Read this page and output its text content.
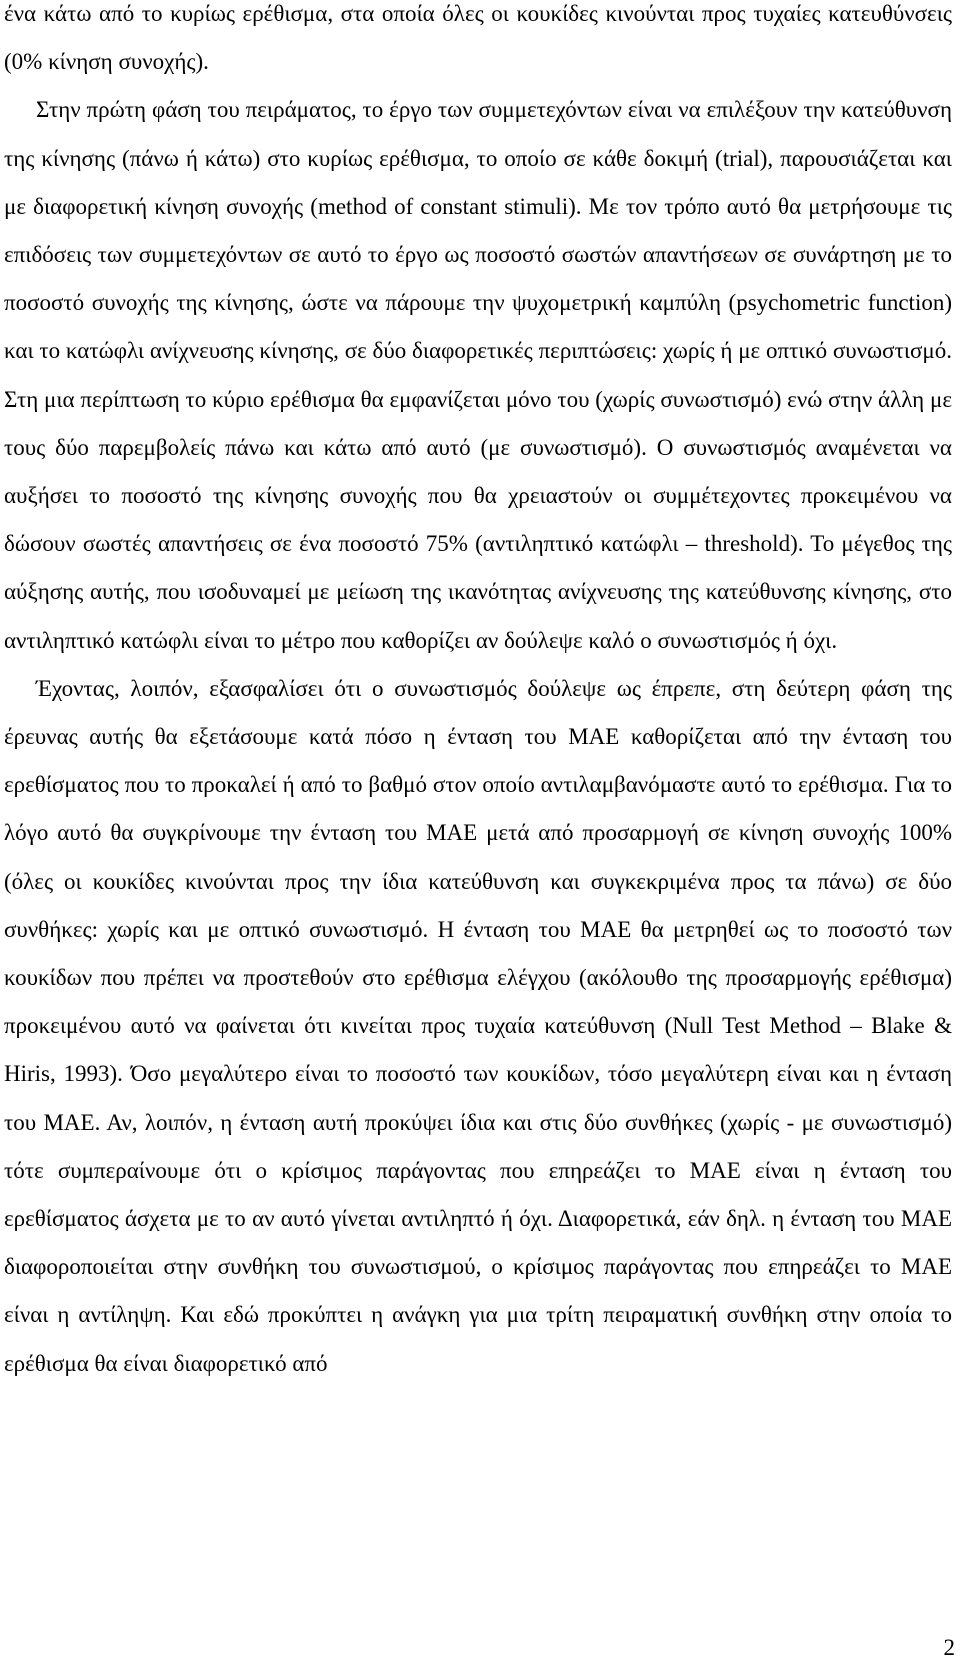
ένα κάτω από το κυρίως ερέθισμα, στα οποία όλες οι κουκίδες κινούνται προς τυχαίες κατευθύνσεις (0% κίνηση συνοχής).

Στην πρώτη φάση του πειράματος, το έργο των συμμετεχόντων είναι να επιλέξουν την κατεύθυνση της κίνησης (πάνω ή κάτω) στο κυρίως ερέθισμα, το οποίο σε κάθε δοκιμή (trial), παρουσιάζεται και με διαφορετική κίνηση συνοχής (method of constant stimuli). Με τον τρόπο αυτό θα μετρήσουμε τις επιδόσεις των συμμετεχόντων σε αυτό το έργο ως ποσοστό σωστών απαντήσεων σε συνάρτηση με το ποσοστό συνοχής της κίνησης, ώστε να πάρουμε την ψυχομετρική καμπύλη (psychometric function) και το κατώφλι ανίχνευσης κίνησης, σε δύο διαφορετικές περιπτώσεις: χωρίς ή με οπτικό συνωστισμό. Στη μια περίπτωση το κύριο ερέθισμα θα εμφανίζεται μόνο του (χωρίς συνωστισμό) ενώ στην άλλη με τους δύο παρεμβολείς πάνω και κάτω από αυτό (με συνωστισμό). Ο συνωστισμός αναμένεται να αυξήσει το ποσοστό της κίνησης συνοχής που θα χρειαστούν οι συμμέτεχοντες προκειμένου να δώσουν σωστές απαντήσεις σε ένα ποσοστό 75% (αντιληπτικό κατώφλι – threshold). Το μέγεθος της αύξησης αυτής, που ισοδυναμεί με μείωση της ικανότητας ανίχνευσης της κατεύθυνσης κίνησης, στο αντιληπτικό κατώφλι είναι το μέτρο που καθορίζει αν δούλεψε καλό ο συνωστισμός ή όχι.

Έχοντας, λοιπόν, εξασφαλίσει ότι ο συνωστισμός δούλεψε ως έπρεπε, στη δεύτερη φάση της έρευνας αυτής θα εξετάσουμε κατά πόσο η ένταση του ΜΑΕ καθορίζεται από την ένταση του ερεθίσματος που το προκαλεί ή από το βαθμό στον οποίο αντιλαμβανόμαστε αυτό το ερέθισμα. Για το λόγο αυτό θα συγκρίνουμε την ένταση του ΜΑΕ μετά από προσαρμογή σε κίνηση συνοχής 100% (όλες οι κουκίδες κινούνται προς την ίδια κατεύθυνση και συγκεκριμένα προς τα πάνω) σε δύο συνθήκες: χωρίς και με οπτικό συνωστισμό. Η ένταση του ΜΑΕ θα μετρηθεί ως το ποσοστό των κουκίδων που πρέπει να προστεθούν στο ερέθισμα ελέγχου (ακόλουθο της προσαρμογής ερέθισμα) προκειμένου αυτό να φαίνεται ότι κινείται προς τυχαία κατεύθυνση (Null Test Method – Blake & Hiris, 1993). Όσο μεγαλύτερο είναι το ποσοστό των κουκίδων, τόσο μεγαλύτερη είναι και η ένταση του ΜΑΕ. Αν, λοιπόν, η ένταση αυτή προκύψει ίδια και στις δύο συνθήκες (χωρίς - με συνωστισμό) τότε συμπεραίνουμε ότι ο κρίσιμος παράγοντας που επηρεάζει το ΜΑΕ είναι η ένταση του ερεθίσματος άσχετα με το αν αυτό γίνεται αντιληπτό ή όχι. Διαφορετικά, εάν δηλ. η ένταση του ΜΑΕ διαφοροποιείται στην συνθήκη του συνωστισμού, ο κρίσιμος παράγοντας που επηρεάζει το ΜΑΕ είναι η αντίληψη. Και εδώ προκύπτει η ανάγκη για μια τρίτη πειραματική συνθήκη στην οποία το ερέθισμα θα είναι διαφορετικό από

2
